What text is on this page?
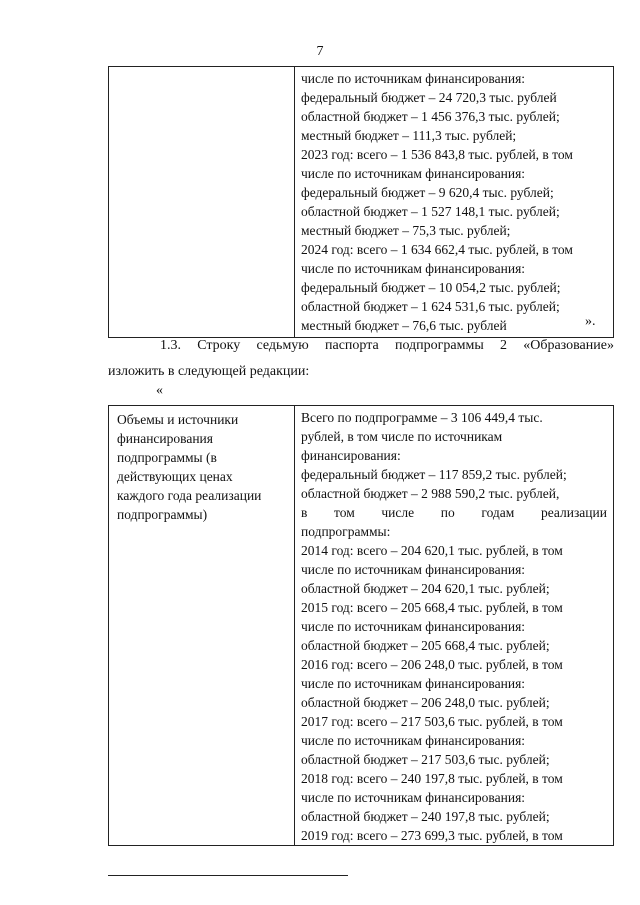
7

числе по источникам финансирования:
федеральный бюджет – 24 720,3 тыс. рублей
областной бюджет – 1 456 376,3 тыс. рублей;
местный бюджет – 111,3 тыс. рублей;
2023 год: всего – 1 536 843,8 тыс. рублей, в том
числе по источникам финансирования:
федеральный бюджет – 9 620,4 тыс. рублей;
областной бюджет – 1 527 148,1 тыс. рублей;
местный бюджет – 75,3 тыс. рублей;
2024 год: всего – 1 634 662,4 тыс. рублей, в том
числе по источникам финансирования:
федеральный бюджет – 10 054,2 тыс. рублей;
областной бюджет – 1 624 531,6 тыс. рублей;
местный бюджет – 76,6 тыс. рублей	».
1.3. Строку седьмую паспорта подпрограммы 2 «Образование»
изложить в следующей редакции:
«
Объемы и источники
финансирования
подпрограммы (в
действующих ценах
каждого года реализации
подпрограммы)

Всего по подпрограмме – 3 106 449,4 тыс.
рублей, в том числе по источникам
финансирования:
федеральный бюджет – 117 859,2 тыс. рублей;
областной бюджет – 2 988 590,2 тыс. рублей,
в том числе по годам реализации
подпрограммы:
2014 год: всего – 204 620,1 тыс. рублей, в том
числе по источникам финансирования:
областной бюджет – 204 620,1 тыс. рублей;
2015 год: всего – 205 668,4 тыс. рублей, в том
числе по источникам финансирования:
областной бюджет – 205 668,4 тыс. рублей;
2016 год: всего – 206 248,0 тыс. рублей, в том
числе по источникам финансирования:
областной бюджет – 206 248,0 тыс. рублей;
2017 год: всего – 217 503,6 тыс. рублей, в том
числе по источникам финансирования:
областной бюджет – 217 503,6 тыс. рублей;
2018 год: всего – 240 197,8 тыс. рублей, в том
числе по источникам финансирования:
областной бюджет – 240 197,8 тыс. рублей;
2019 год: всего – 273 699,3 тыс. рублей, в том
